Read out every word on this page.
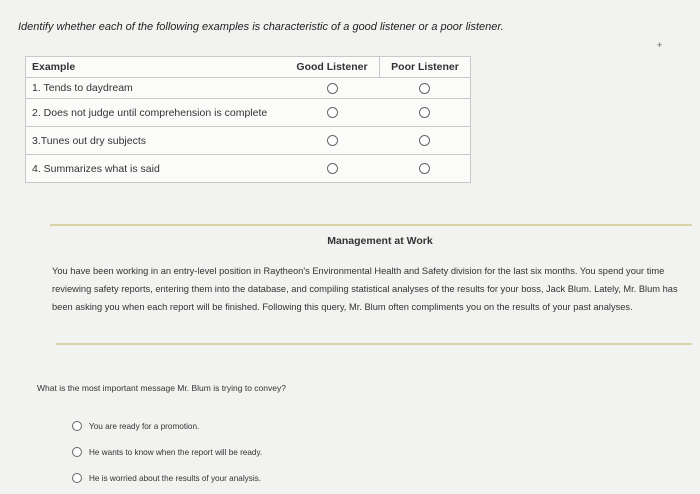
Identify whether each of the following examples is characteristic of a good listener or a poor listener.
+
Example	Good Listener	Poor Listener
1. Tends to daydream		
2. Does not judge until comprehension is complete		
3.Tunes out dry subjects		
4. Summarizes what is said		
Management at Work
You have been working in an entry-level position in Raytheon's Environmental Health and Safety division for the last six months. You spend your time reviewing safety reports, entering them into the database, and compiling statistical analyses of the results for your boss, Jack Blum. Lately, Mr. Blum has been asking you when each report will be finished. Following this query, Mr. Blum often compliments you on the results of your past analyses.
What is the most important message Mr. Blum is trying to convey?
You are ready for a promotion.
He wants to know when the report will be ready.
He is worried about the results of your analysis.
